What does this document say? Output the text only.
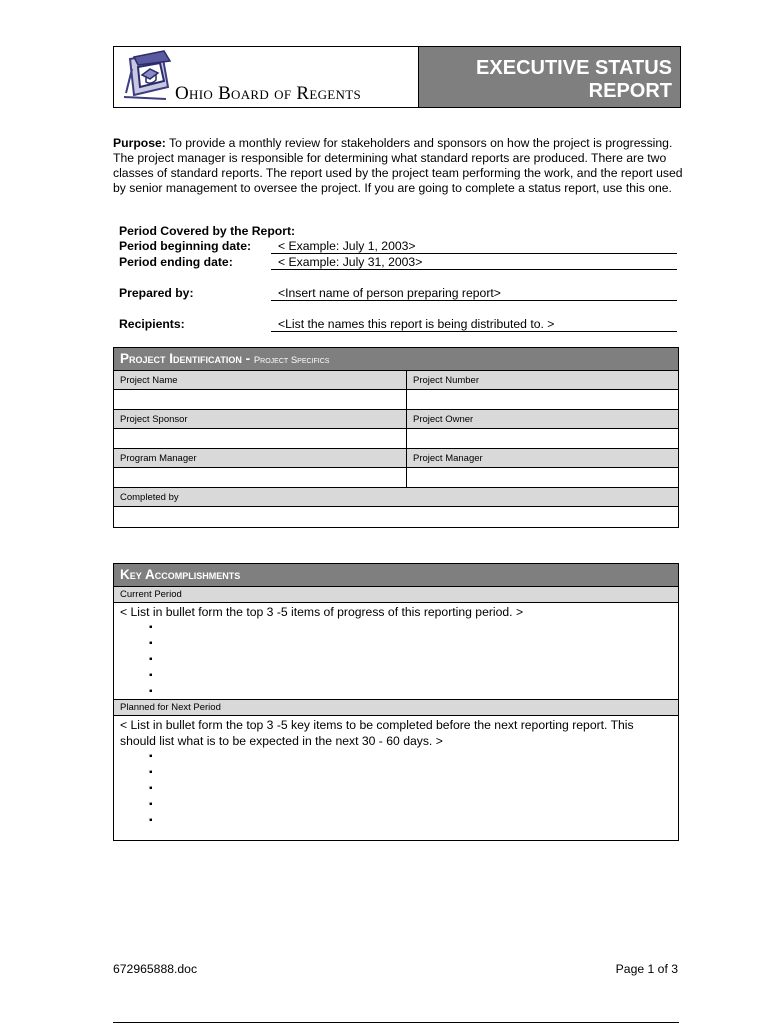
Ohio Board of Regents
EXECUTIVE STATUS
REPORT

Purpose: To provide a monthly review for stakeholders and sponsors on how the project is progressing. The project manager is responsible for determining what standard reports are produced. There are two classes of standard reports. The report used by the project team performing the work, and the report used by senior management to oversee the project. If you are going to complete a status report, use this one.

Period Covered by the Report:
Period beginning date:	< Example: July 1, 2003>
Period ending date:	< Example: July 31, 2003>
Prepared by:	<Insert name of person preparing report>
Recipients:	<List the names this report is being distributed to. >
Project Identification - Project Specifics
Project Name	Project Number
Project Sponsor	Project Owner
Program Manager	Project Manager
Completed by
Key Accomplishments
Current Period
< List in bullet form the top 3 -5 items of progress of this reporting period. >
▪
▪
▪
▪
▪
Planned for Next Period
< List in bullet form the top 3 -5 key items to be completed before the next reporting report. This should list what is to be expected in the next 30 - 60 days. >
▪
▪
▪
▪
▪
672965888.doc	Page 1 of 3
